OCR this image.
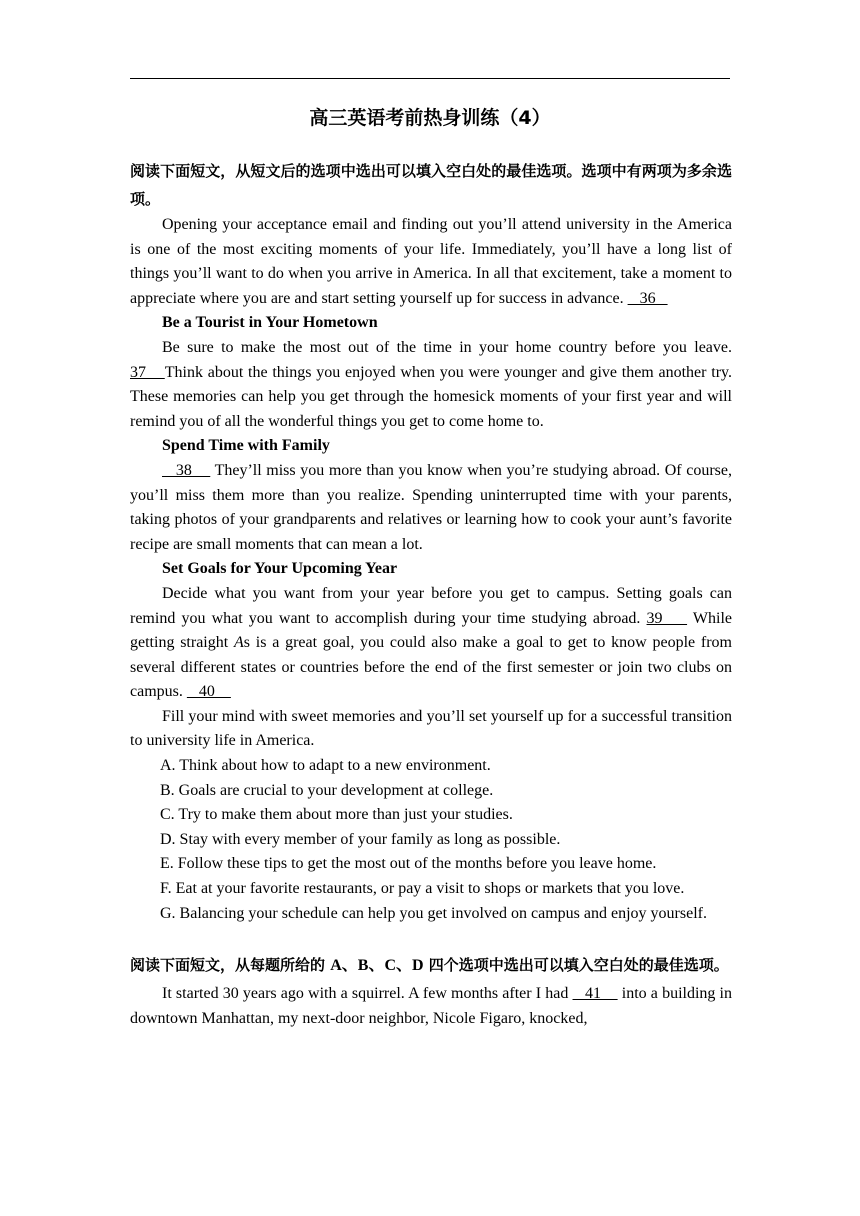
高三英语考前热身训练（4）

阅读下面短文，从短文后的选项中选出可以填入空白处的最佳选项。选项中有两项为多余选项。

Opening your acceptance email and finding out you’ll attend university in the America is one of the most exciting moments of your life. Immediately, you’ll have a long list of things you’ll want to do when you arrive in America. In all that excitement, take a moment to appreciate where you are and start setting yourself up for success in advance.    36

Be a Tourist in Your Hometown

Be sure to make the most out of the time in your home country before you leave. 37    Think about the things you enjoyed when you were younger and give them another try. These memories can help you get through the homesick moments of your first year and will remind you of all the wonderful things you get to come home to.

Spend Time with Family

38     They’ll miss you more than you know when you’re studying abroad. Of course, you’ll miss them more than you realize. Spending uninterrupted time with your parents, taking photos of your grandparents and relatives or learning how to cook your aunt’s favorite recipe are small moments that can mean a lot.

Set Goals for Your Upcoming Year

Decide what you want from your year before you get to campus. Setting goals can remind you what you want to accomplish during your time studying abroad. 39     While getting straight As is a great goal, you could also make a goal to get to know people from several different states or countries before the end of the first semester or join two clubs on campus.    40

Fill your mind with sweet memories and you’ll set yourself up for a successful transition to university life in America.

A. Think about how to adapt to a new environment.
B. Goals are crucial to your development at college.
C. Try to make them about more than just your studies.
D. Stay with every member of your family as long as possible.
E. Follow these tips to get the most out of the months before you leave home.
F. Eat at your favorite restaurants, or pay a visit to shops or markets that you love.
G. Balancing your schedule can help you get involved on campus and enjoy yourself.

阅读下面短文，从每题所给的 A、B、C、D 四个选项中选出可以填入空白处的最佳选项。

It started 30 years ago with a squirrel. A few months after I had    41     into a building in downtown Manhattan, my next-door neighbor, Nicole Figaro, knocked,
